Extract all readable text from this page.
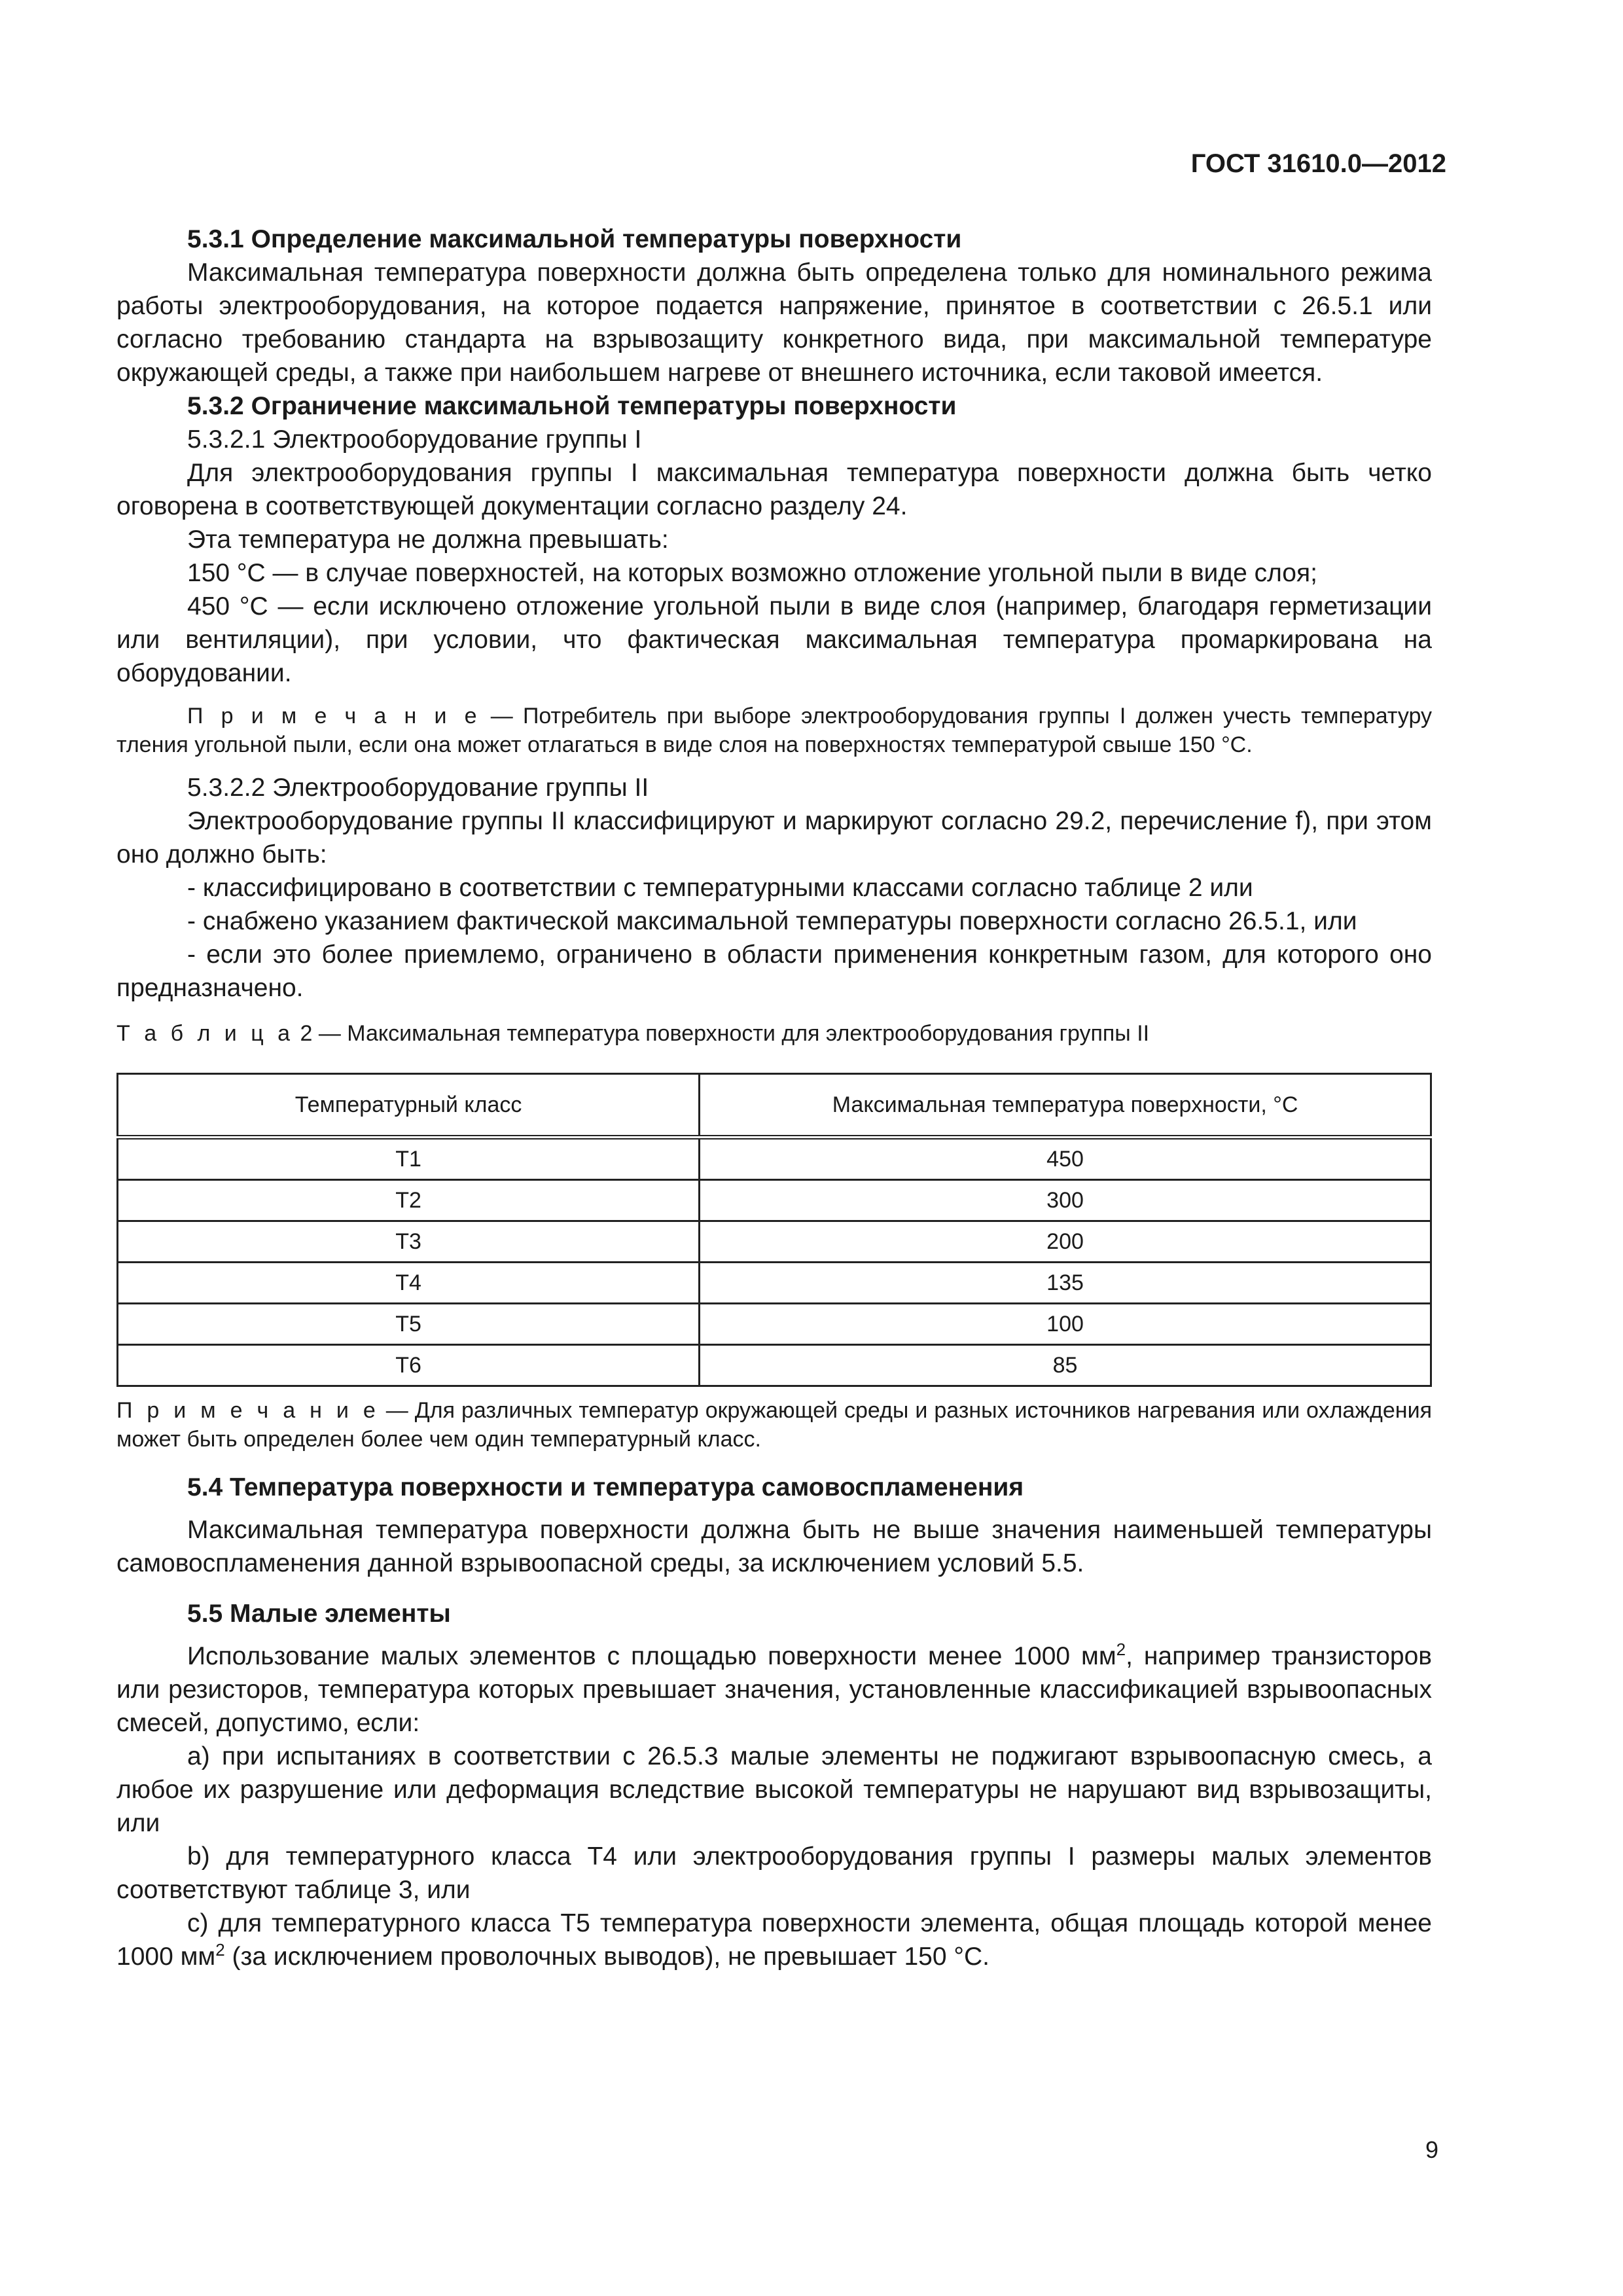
ГОСТ 31610.0—2012

5.3.1 Определение максимальной температуры поверхности

Максимальная температура поверхности должна быть определена только для номинального режима работы электрооборудования, на которое подается напряжение, принятое в соответствии с 26.5.1 или согласно требованию стандарта на взрывозащиту конкретного вида, при максимальной температуре окружающей среды, а также при наибольшем нагреве от внешнего источника, если таковой имеется.

5.3.2 Ограничение максимальной температуры поверхности

5.3.2.1 Электрооборудование группы I

Для электрооборудования группы I максимальная температура поверхности должна быть четко оговорена в соответствующей документации согласно разделу 24.

Эта температура не должна превышать:

150 °С — в случае поверхностей, на которых возможно отложение угольной пыли в виде слоя;

450 °С — если исключено отложение угольной пыли в виде слоя (например, благодаря герметизации или вентиляции), при условии, что фактическая максимальная температура промаркирована на оборудовании.

П р и м е ч а н и е — Потребитель при выборе электрооборудования группы I должен учесть температуру тления угольной пыли, если она может отлагаться в виде слоя на поверхностях температурой свыше 150 °С.

5.3.2.2 Электрооборудование группы II

Электрооборудование группы II классифицируют и маркируют согласно 29.2, перечисление f), при этом оно должно быть:

- классифицировано в соответствии с температурными классами согласно таблице 2 или

- снабжено указанием фактической максимальной температуры поверхности согласно 26.5.1, или

- если это более приемлемо, ограничено в области применения конкретным газом, для которого оно предназначено.

Т а б л и ц а 2 — Максимальная температура поверхности для электрооборудования группы II

Температурный класс	Максимальная температура поверхности, °С
Т1	450
Т2	300
Т3	200
Т4	135
Т5	100
Т6	85

П р и м е ч а н и е — Для различных температур окружающей среды и разных источников нагревания или охлаждения может быть определен более чем один температурный класс.

5.4 Температура поверхности и температура самовоспламенения

Максимальная температура поверхности должна быть не выше значения наименьшей температуры самовоспламенения данной взрывоопасной среды, за исключением условий 5.5.

5.5 Малые элементы

Использование малых элементов с площадью поверхности менее 1000 $мм^2$, например транзисторов или резисторов, температура которых превышает значения, установленные классификацией взрывоопасных смесей, допустимо, если:

a) при испытаниях в соответствии с 26.5.3 малые элементы не поджигают взрывоопасную смесь, а любое их разрушение или деформация вследствие высокой температуры не нарушают вид взрывозащиты, или

b) для температурного класса Т4 или электрооборудования группы I размеры малых элементов соответствуют таблице 3, или

c) для температурного класса Т5 температура поверхности элемента, общая площадь которой менее 1000 $мм^2$ (за исключением проволочных выводов), не превышает 150 °С.

9
